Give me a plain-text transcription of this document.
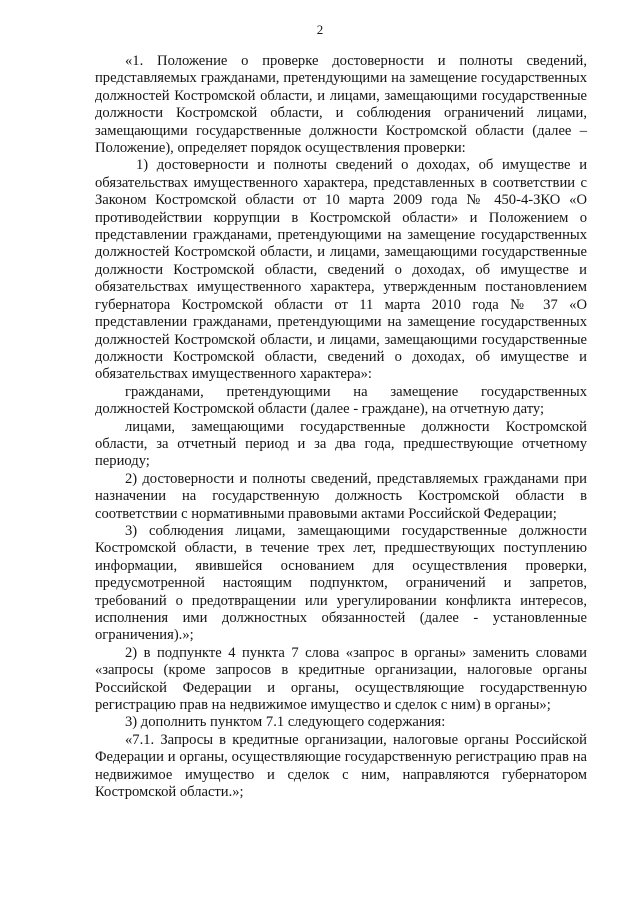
2

«1. Положение о проверке достоверности и полноты сведений, представляемых гражданами, претендующими на замещение государственных должностей Костромской области, и лицами, замещающими государственные должности Костромской области, и соблюдения ограничений лицами, замещающими государственные должности Костромской области (далее – Положение), определяет порядок осуществления проверки:

1) достоверности и полноты сведений о доходах, об имуществе и обязательствах имущественного характера, представленных в соответствии с Законом Костромской области от 10 марта 2009 года № 450-4-ЗКО «О противодействии коррупции в Костромской области» и Положением о представлении гражданами, претендующими на замещение государственных должностей Костромской области, и лицами, замещающими государственные должности Костромской области, сведений о доходах, об имуществе и обязательствах имущественного характера, утвержденным постановлением губернатора Костромской области от 11 марта 2010 года № 37 «О представлении гражданами, претендующими на замещение государственных должностей Костромской области, и лицами, замещающими государственные должности Костромской области, сведений о доходах, об имуществе и обязательствах имущественного характера»:

гражданами, претендующими на замещение государственных должностей Костромской области (далее - граждане), на отчетную дату;

лицами, замещающими государственные должности Костромской области, за отчетный период и за два года, предшествующие отчетному периоду;

2) достоверности и полноты сведений, представляемых гражданами при назначении на государственную должность Костромской области в соответствии с нормативными правовыми актами Российской Федерации;

3) соблюдения лицами, замещающими государственные должности Костромской области, в течение трех лет, предшествующих поступлению информации, явившейся основанием для осуществления проверки, предусмотренной настоящим подпунктом, ограничений и запретов, требований о предотвращении или урегулировании конфликта интересов, исполнения ими должностных обязанностей (далее - установленные ограничения).»;

2) в подпункте 4 пункта 7 слова «запрос в органы» заменить словами «запросы (кроме запросов в кредитные организации, налоговые органы Российской Федерации и органы, осуществляющие государственную регистрацию прав на недвижимое имущество и сделок с ним) в органы»;

3) дополнить пунктом 7.1 следующего содержания:

«7.1. Запросы в кредитные организации, налоговые органы Российской Федерации и органы, осуществляющие государственную регистрацию прав на недвижимое имущество и сделок с ним, направляются губернатором Костромской области.»;
